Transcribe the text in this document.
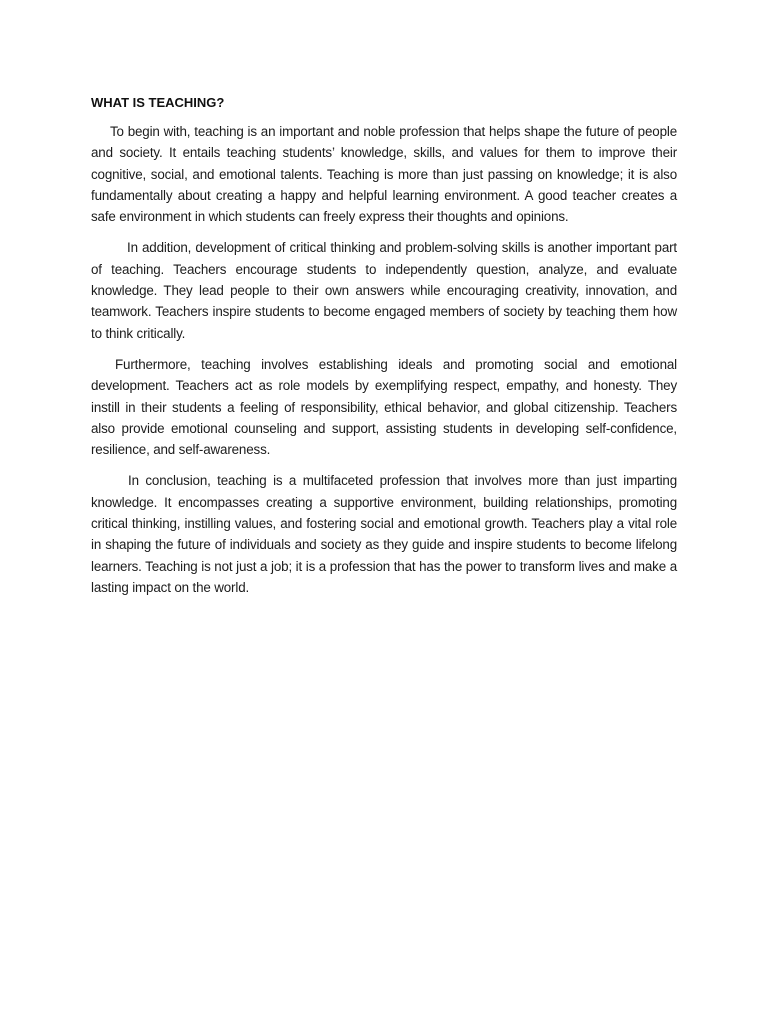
WHAT IS TEACHING?

To begin with, teaching is an important and noble profession that helps shape the future of people and society. It entails teaching students’ knowledge, skills, and values for them to improve their cognitive, social, and emotional talents. Teaching is more than just passing on knowledge; it is also fundamentally about creating a happy and helpful learning environment. A good teacher creates a safe environment in which students can freely express their thoughts and opinions.

In addition, development of critical thinking and problem-solving skills is another important part of teaching. Teachers encourage students to independently question, analyze, and evaluate knowledge. They lead people to their own answers while encouraging creativity, innovation, and teamwork. Teachers inspire students to become engaged members of society by teaching them how to think critically.

Furthermore, teaching involves establishing ideals and promoting social and emotional development. Teachers act as role models by exemplifying respect, empathy, and honesty. They instill in their students a feeling of responsibility, ethical behavior, and global citizenship. Teachers also provide emotional counseling and support, assisting students in developing self-confidence, resilience, and self-awareness.

In conclusion, teaching is a multifaceted profession that involves more than just imparting knowledge. It encompasses creating a supportive environment, building relationships, promoting critical thinking, instilling values, and fostering social and emotional growth. Teachers play a vital role in shaping the future of individuals and society as they guide and inspire students to become lifelong learners. Teaching is not just a job; it is a profession that has the power to transform lives and make a lasting impact on the world.
